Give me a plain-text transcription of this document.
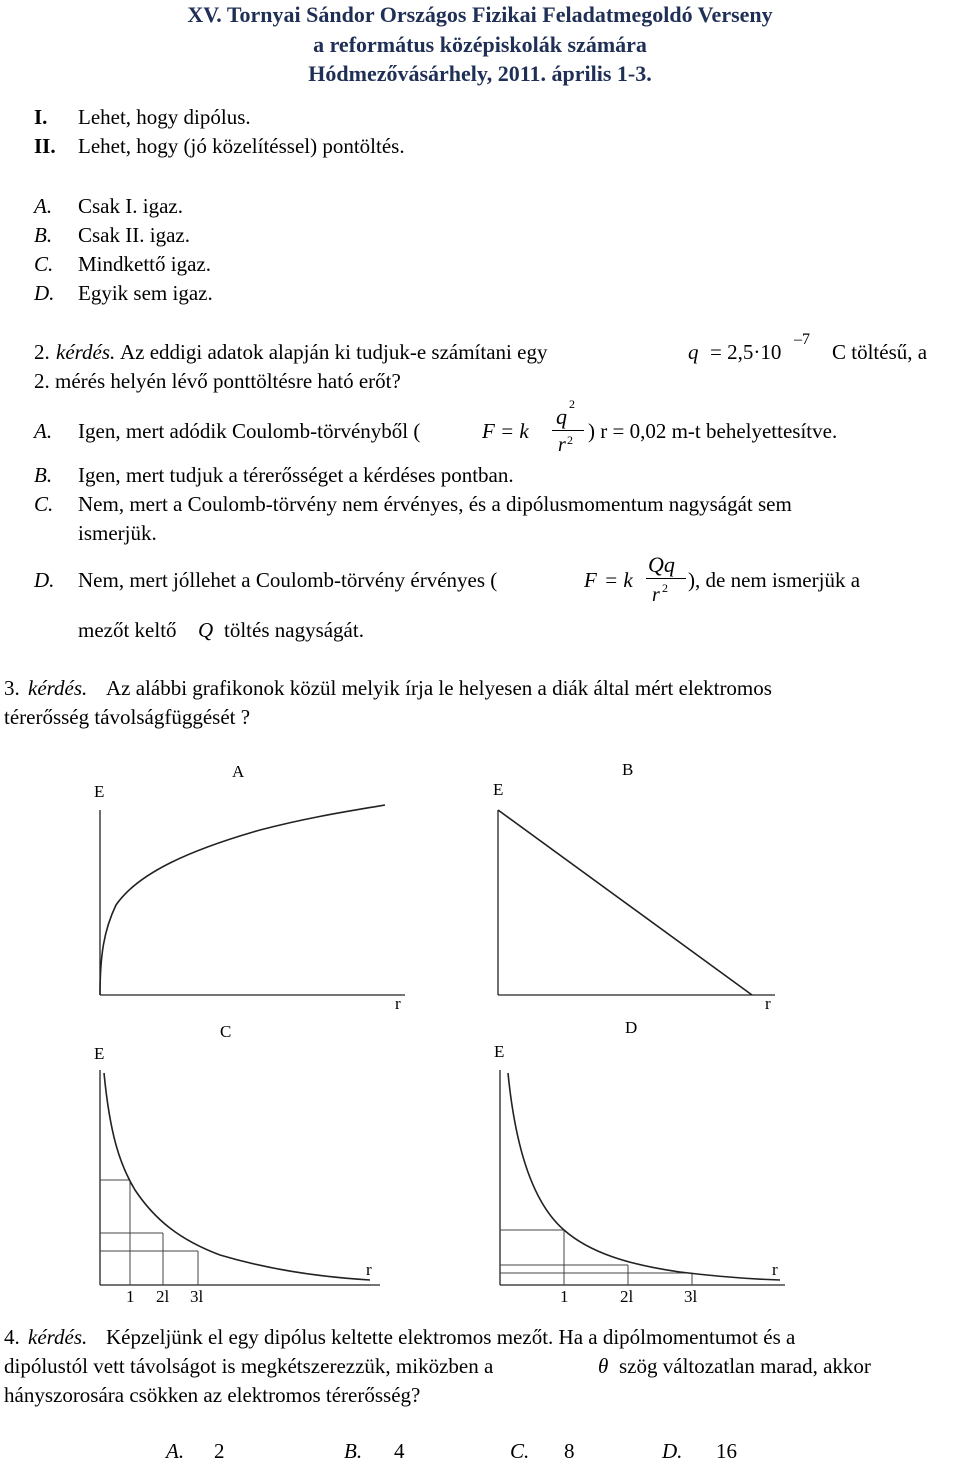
XV. Tornyai Sándor Országos Fizikai Feladatmegoldó Verseny
a református középiskolák számára
Hódmezővásárhely, 2011. április 1-3.
I. Lehet, hogy dipólus.
II. Lehet, hogy (jó közelítéssel) pontöltés.
A. Csak I. igaz.
B. Csak II. igaz.
C. Mindkettő igaz.
D. Egyik sem igaz.
2. kérdés. Az eddigi adatok alapján ki tudjuk-e számítani egy	q = 2,5·10
–7
C töltésű, a
2. mérés helyén lévő ponttöltésre ható erőt?
A. Igen, mert adódik Coulomb-törvényből (	F = k
q 2
r 2 ) r = 0,02 m-t behelyettesítve.
B. Igen, mert tudjuk a térerősséget a kérdéses pontban.
C. Nem, mert a Coulomb-törvény nem érvényes, és a dipólusmomentum nagyságát sem
ismerjük.
D. Nem, mert jóllehet a Coulomb-törvény érvényes (	F = k
Qq
r 2 ), de nem ismerjük a
mezőt keltő Q töltés nagyságát.
3. kérdés. Az alábbi grafikonok közül melyik írja le helyesen a diák által mért elektromos
térerősség távolságfüggését ?
A
E
r
B
E
r
C
E
r
1 2l 3l
D
E
r
1	2l	3l
4. kérdés. Képzeljünk el egy dipólus keltette elektromos mezőt. Ha a dipólmomentumot és a
dipólustól vett távolságot is megkétszerezzük, miközben a	θ szög változatlan marad, akkor
hányszorosára csökken az elektromos térerősség?
A. 2	B. 4	C. 8	D. 16
